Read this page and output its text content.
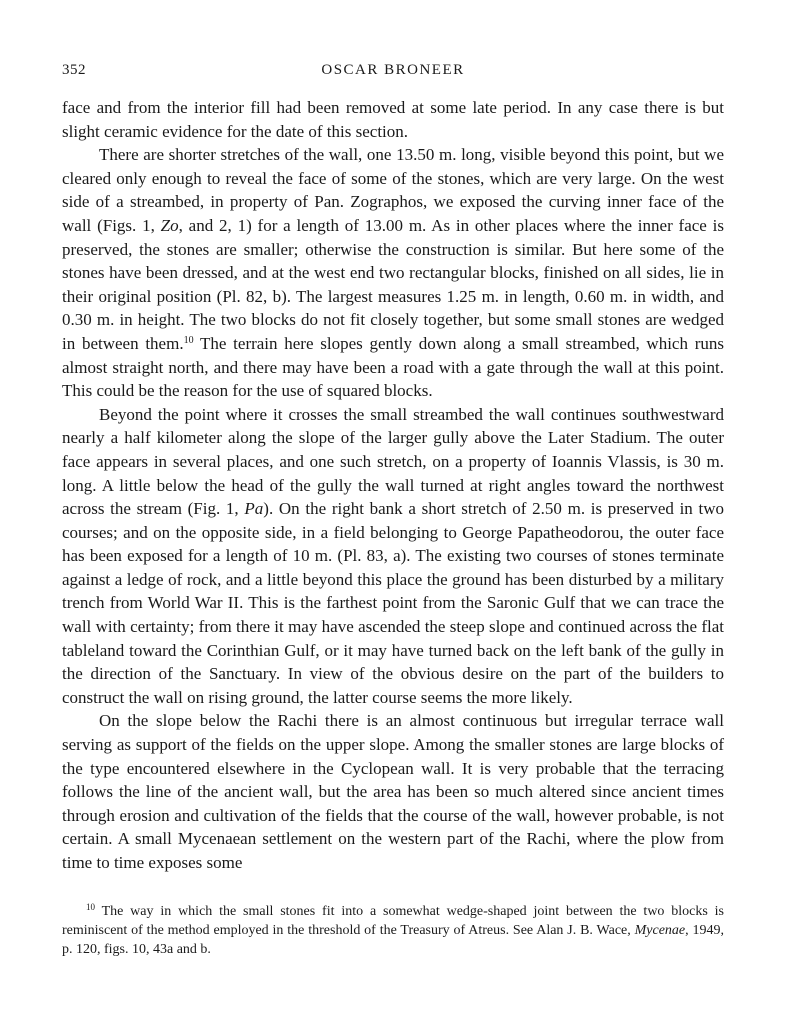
352	OSCAR BRONEER

face and from the interior fill had been removed at some late period. In any case there is but slight ceramic evidence for the date of this section.

There are shorter stretches of the wall, one 13.50 m. long, visible beyond this point, but we cleared only enough to reveal the face of some of the stones, which are very large. On the west side of a streambed, in property of Pan. Zographos, we exposed the curving inner face of the wall (Figs. 1, Zo, and 2, 1) for a length of 13.00 m. As in other places where the inner face is preserved, the stones are smaller; otherwise the construction is similar. But here some of the stones have been dressed, and at the west end two rectangular blocks, finished on all sides, lie in their original position (Pl. 82, b). The largest measures 1.25 m. in length, 0.60 m. in width, and 0.30 m. in height. The two blocks do not fit closely together, but some small stones are wedged in between them.$^{10}$ The terrain here slopes gently down along a small streambed, which runs almost straight north, and there may have been a road with a gate through the wall at this point. This could be the reason for the use of squared blocks.

Beyond the point where it crosses the small streambed the wall continues southwestward nearly a half kilometer along the slope of the larger gully above the Later Stadium. The outer face appears in several places, and one such stretch, on a property of Ioannis Vlassis, is 30 m. long. A little below the head of the gully the wall turned at right angles toward the northwest across the stream (Fig. 1, Pa). On the right bank a short stretch of 2.50 m. is preserved in two courses; and on the opposite side, in a field belonging to George Papatheodorou, the outer face has been exposed for a length of 10 m. (Pl. 83, a). The existing two courses of stones terminate against a ledge of rock, and a little beyond this place the ground has been disturbed by a military trench from World War II. This is the farthest point from the Saronic Gulf that we can trace the wall with certainty; from there it may have ascended the steep slope and continued across the flat tableland toward the Corinthian Gulf, or it may have turned back on the left bank of the gully in the direction of the Sanctuary. In view of the obvious desire on the part of the builders to construct the wall on rising ground, the latter course seems the more likely.

On the slope below the Rachi there is an almost continuous but irregular terrace wall serving as support of the fields on the upper slope. Among the smaller stones are large blocks of the type encountered elsewhere in the Cyclopean wall. It is very probable that the terracing follows the line of the ancient wall, but the area has been so much altered since ancient times through erosion and cultivation of the fields that the course of the wall, however probable, is not certain. A small Mycenaean settlement on the western part of the Rachi, where the plow from time to time exposes some

$^{10}$ The way in which the small stones fit into a somewhat wedge-shaped joint between the two blocks is reminiscent of the method employed in the threshold of the Treasury of Atreus. See Alan J. B. Wace, Mycenae, 1949, p. 120, figs. 10, 43a and b.
